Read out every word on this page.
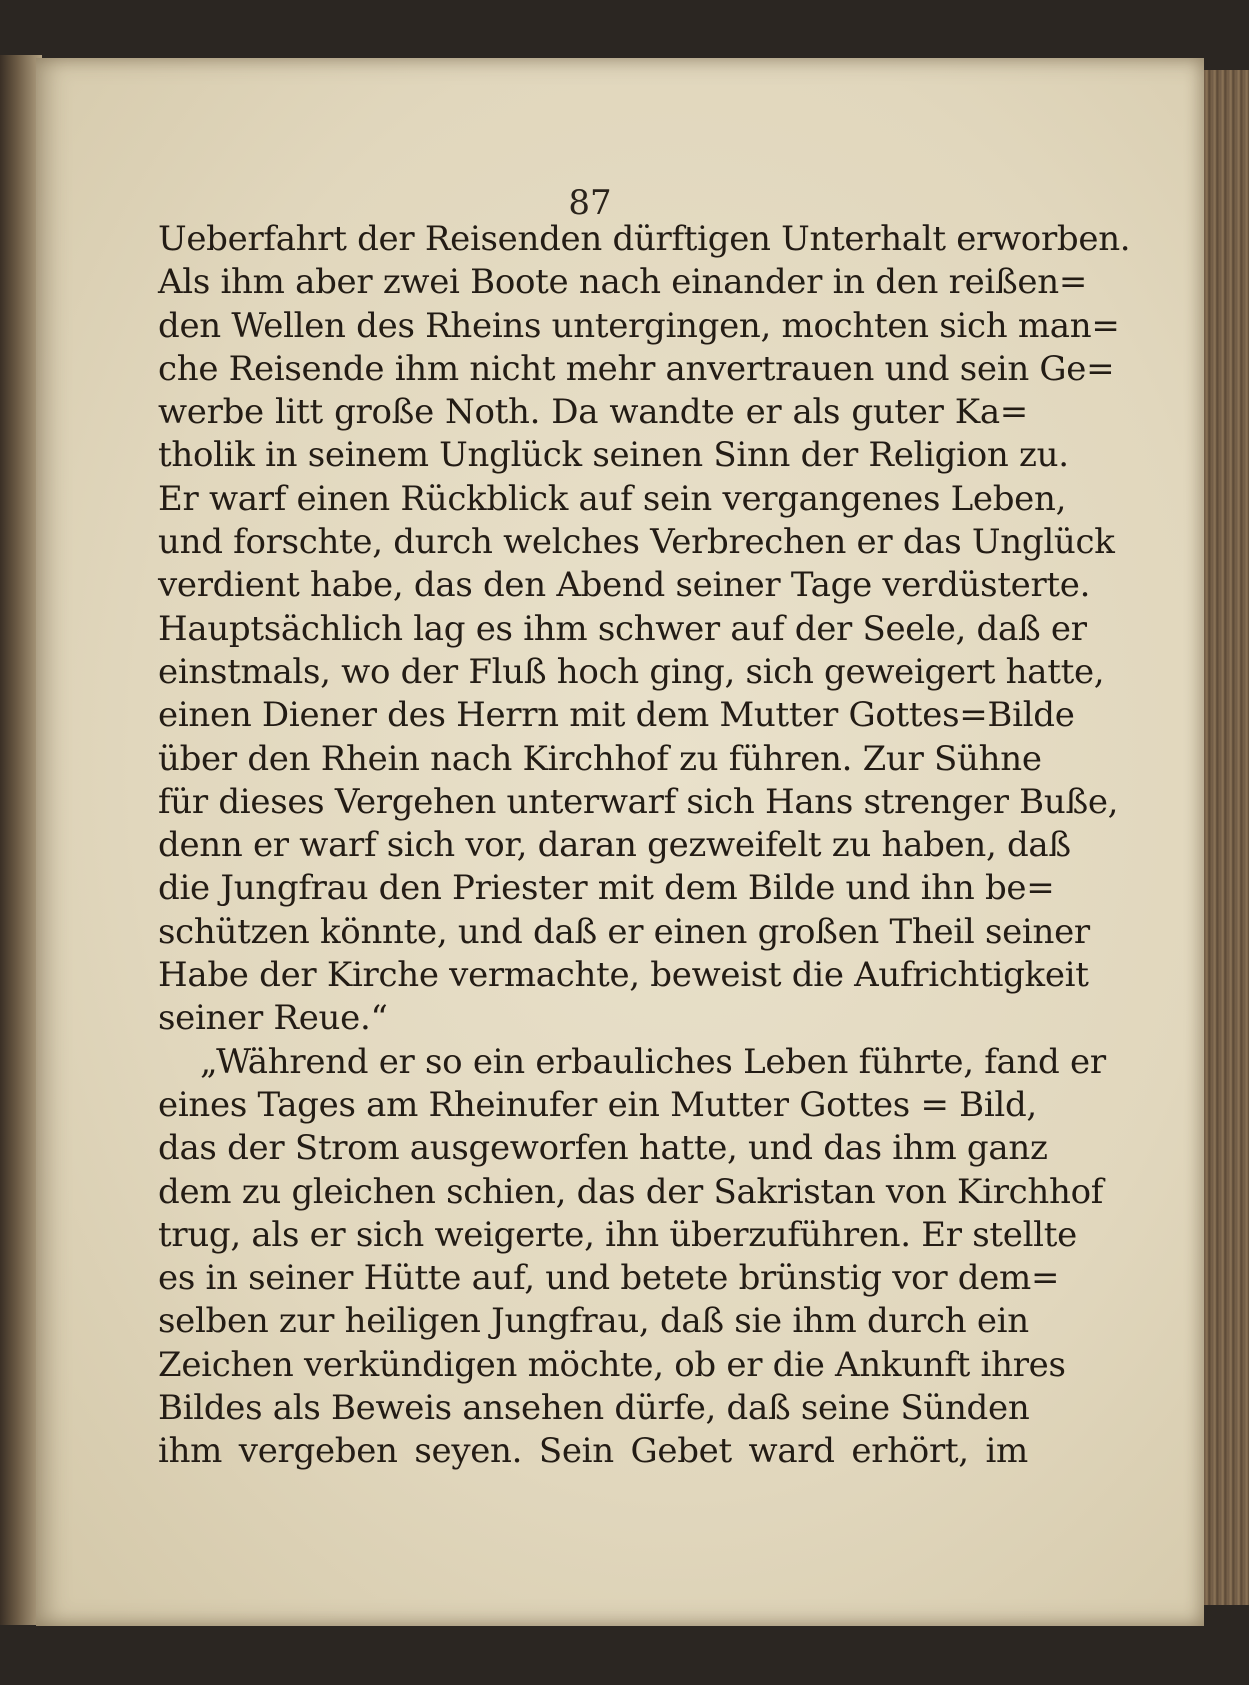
87
Ueberfahrt der Reisenden dürftigen Unterhalt erworben.
Als ihm aber zwei Boote nach einander in den reißen=
den Wellen des Rheins untergingen, mochten sich man=
che Reisende ihm nicht mehr anvertrauen und sein Ge=
werbe litt große Noth. Da wandte er als guter Ka=
tholik in seinem Unglück seinen Sinn der Religion zu.
Er warf einen Rückblick auf sein vergangenes Leben,
und forschte, durch welches Verbrechen er das Unglück
verdient habe, das den Abend seiner Tage verdüsterte.
Hauptsächlich lag es ihm schwer auf der Seele, daß er
einstmals, wo der Fluß hoch ging, sich geweigert hatte,
einen Diener des Herrn mit dem Mutter Gottes=Bilde
über den Rhein nach Kirchhof zu führen. Zur Sühne
für dieses Vergehen unterwarf sich Hans strenger Buße,
denn er warf sich vor, daran gezweifelt zu haben, daß
die Jungfrau den Priester mit dem Bilde und ihn be=
schützen könnte, und daß er einen großen Theil seiner
Habe der Kirche vermachte, beweist die Aufrichtigkeit
seiner Reue.“
„Während er so ein erbauliches Leben führte, fand er
eines Tages am Rheinufer ein Mutter Gottes = Bild,
das der Strom ausgeworfen hatte, und das ihm ganz
dem zu gleichen schien, das der Sakristan von Kirchhof
trug, als er sich weigerte, ihn überzuführen. Er stellte
es in seiner Hütte auf, und betete brünstig vor dem=
selben zur heiligen Jungfrau, daß sie ihm durch ein
Zeichen verkündigen möchte, ob er die Ankunft ihres
Bildes als Beweis ansehen dürfe, daß seine Sünden
ihm vergeben seyen. Sein Gebet ward erhört, im
